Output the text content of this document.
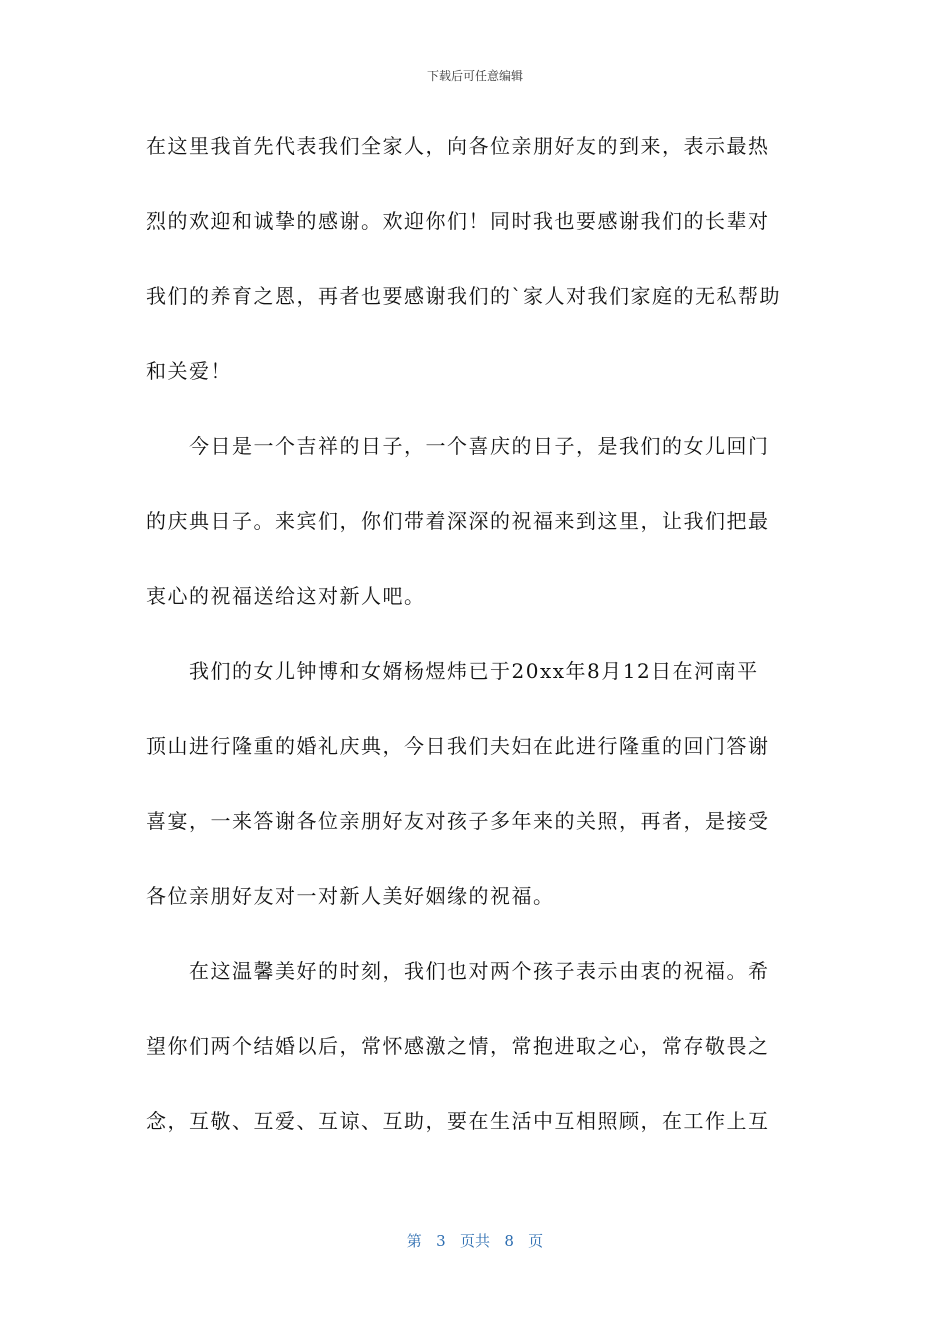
下载后可任意编辑
在这里我首先代表我们全家人，向各位亲朋好友的到来，表示最热
烈的欢迎和诚挚的感谢。欢迎你们！同时我也要感谢我们的长辈对
我们的养育之恩，再者也要感谢我们的`家人对我们家庭的无私帮助
和关爱！
　　今日是一个吉祥的日子，一个喜庆的日子，是我们的女儿回门
的庆典日子。来宾们，你们带着深深的祝福来到这里，让我们把最
衷心的祝福送给这对新人吧。
　　我们的女儿钟博和女婿杨煜炜已于20xx年8月12日在河南平
顶山进行隆重的婚礼庆典，今日我们夫妇在此进行隆重的回门答谢
喜宴，一来答谢各位亲朋好友对孩子多年来的关照，再者，是接受
各位亲朋好友对一对新人美好姻缘的祝福。
　　在这温馨美好的时刻，我们也对两个孩子表示由衷的祝福。希
望你们两个结婚以后，常怀感激之情，常抱进取之心，常存敬畏之
念，互敬、互爱、互谅、互助，要在生活中互相照顾，在工作上互
第 3 页共 8 页
